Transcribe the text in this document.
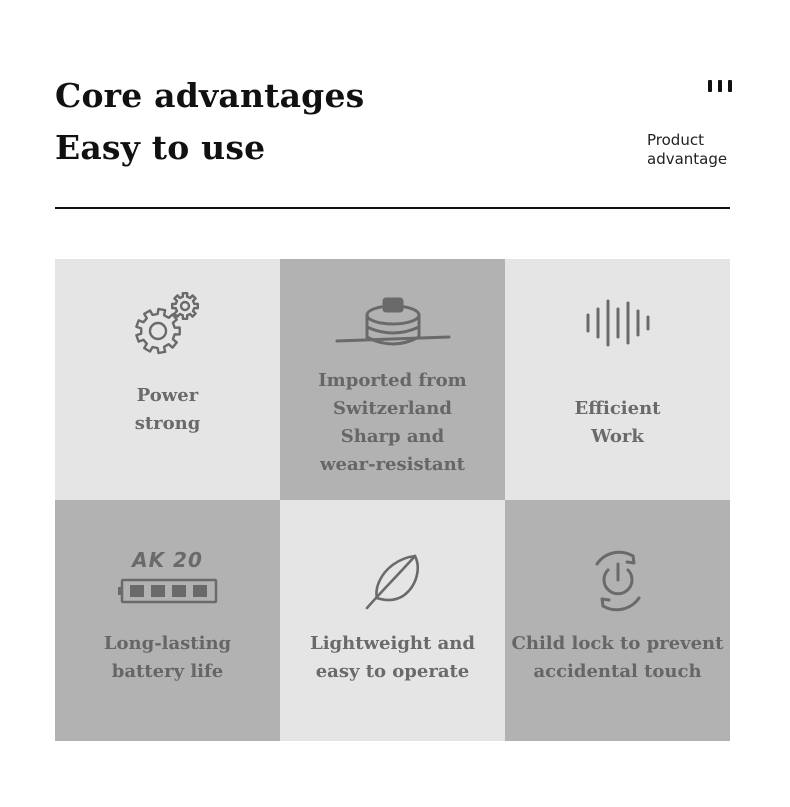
Core advantages
Easy to use	Product
advantage
Power
strong
Imported from
Switzerland
Sharp and
wear-resistant
Efficient
Work
AK 20
Long-lasting
battery life
Lightweight and
easy to operate
Child lock to prevent
accidental touch
